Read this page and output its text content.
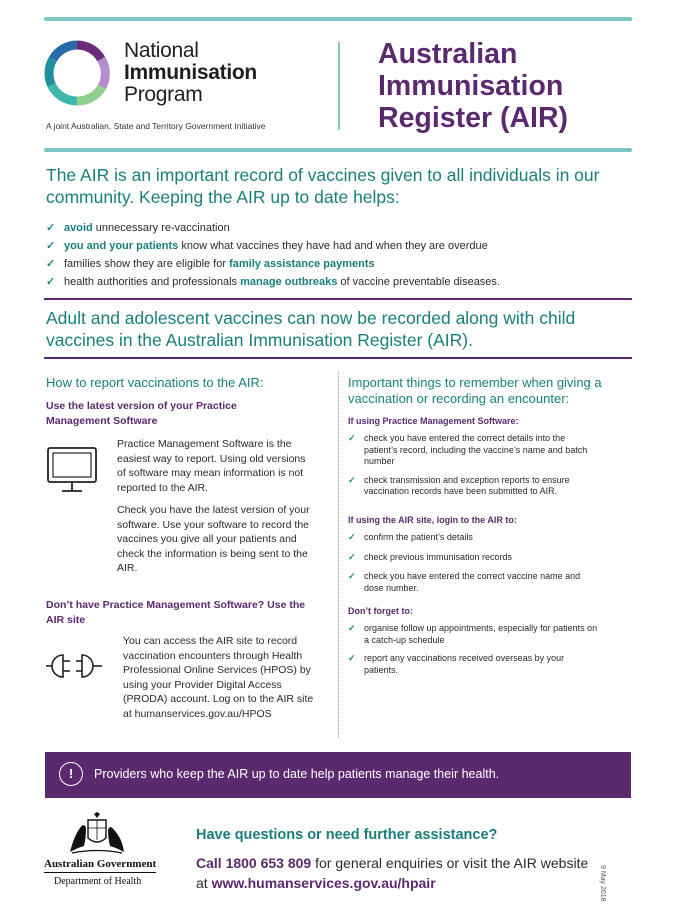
National
Immunisation
Program
A joint Australian, State and Territory Government Initiative
Australian
Immunisation
Register (AIR)
The AIR is an important record of vaccines given to all individuals in our community. Keeping the AIR up to date helps:
✓ avoid unnecessary re-vaccination
✓ you and your patients know what vaccines they have had and when they are overdue
✓ families show they are eligible for family assistance payments
✓ health authorities and professionals manage outbreaks of vaccine preventable diseases.
Adult and adolescent vaccines can now be recorded along with child vaccines in the Australian Immunisation Register (AIR).
How to report vaccinations to the AIR:
Use the latest version of your Practice Management Software

Practice Management Software is the easiest way to report. Using old versions of software may mean information is not reported to the AIR.

Check you have the latest version of your software. Use your software to record the vaccines you give all your patients and check the information is being sent to the AIR.

Don’t have Practice Management Software? Use the AIR site
You can access the AIR site to record vaccination encounters through Health Professional Online Services (HPOS) by using your Provider Digital Access (PRODA) account. Log on to the AIR site at humanservices.gov.au/HPOS
Important things to remember when giving a vaccination or recording an encounter:
If using Practice Management Software:
✓ check you have entered the correct details into the patient’s record, including the vaccine’s name and batch number
✓ check transmission and exception reports to ensure vaccination records have been submitted to AIR.
If using the AIR site, login to the AIR to:
✓ confirm the patient’s details
✓ check previous immunisation records
✓ check you have entered the correct vaccine name and dose number.
Don’t forget to:
✓ organise follow up appointments, especially for patients on a catch-up schedule
✓ report any vaccinations received overseas by your patients.
!	Providers who keep the AIR up to date help patients manage their health.
Australian Government
Department of Health
Have questions or need further assistance?
Call 1800 653 809 for general enquiries or visit the AIR website at www.humanservices.gov.au/hpair	9 May 2018
